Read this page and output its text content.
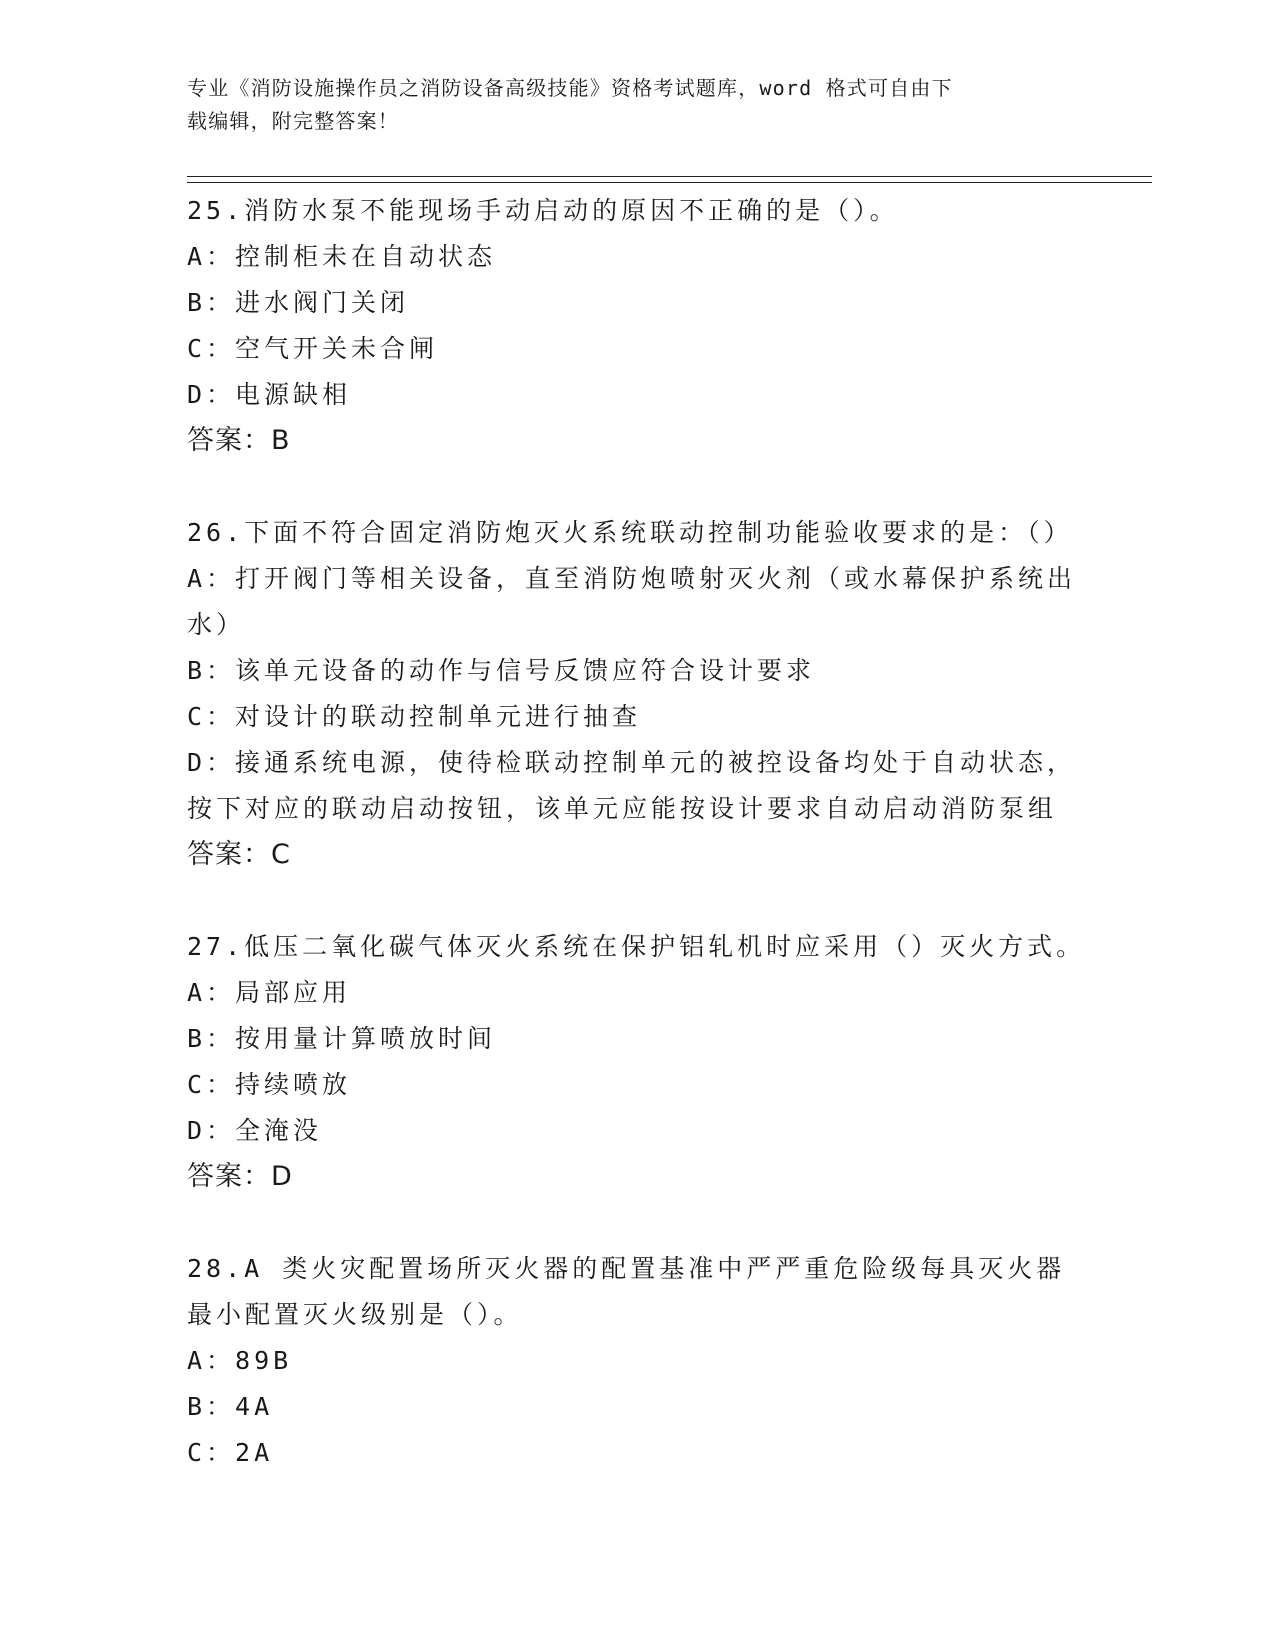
专业《消防设施操作员之消防设备高级技能》资格考试题库，word 格式可自由下
载编辑，附完整答案！
25.消防水泵不能现场手动启动的原因不正确的是（）。
A：控制柜未在自动状态
B：进水阀门关闭
C：空气开关未合闸
D：电源缺相
答案：B
26.下面不符合固定消防炮灭火系统联动控制功能验收要求的是：（）
A：打开阀门等相关设备，直至消防炮喷射灭火剂（或水幕保护系统出水）
B：该单元设备的动作与信号反馈应符合设计要求
C：对设计的联动控制单元进行抽查
D：接通系统电源，使待检联动控制单元的被控设备均处于自动状态，按下对应的联动启动按钮，该单元应能按设计要求自动启动消防泵组
答案：C
27.低压二氧化碳气体灭火系统在保护铝轧机时应采用（）灭火方式。
A：局部应用
B：按用量计算喷放时间
C：持续喷放
D：全淹没
答案：D
28.A 类火灾配置场所灭火器的配置基准中严严重危险级每具灭火器最小配置灭火级别是（）。
A：89B
B：4A
C：2A
